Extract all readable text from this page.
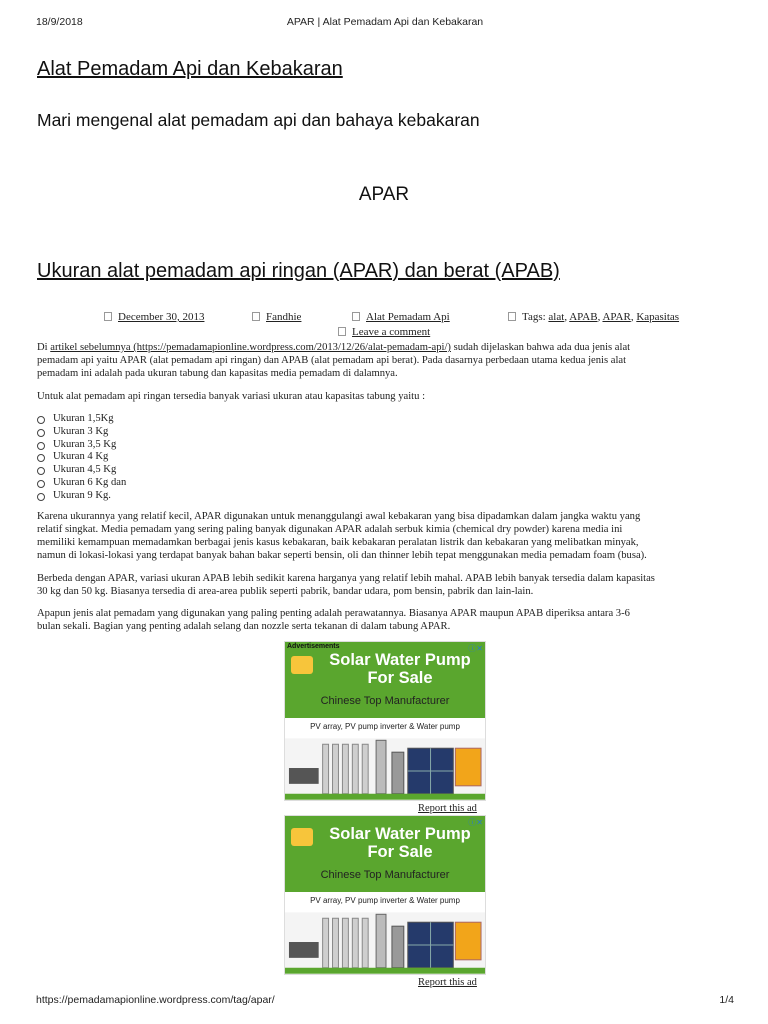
18/9/2018	APAR | Alat Pemadam Api dan Kebakaran
Alat Pemadam Api dan Kebakaran
Mari mengenal alat pemadam api dan bahaya kebakaran
APAR
Ukuran alat pemadam api ringan (APAR) dan berat (APAB)
December 30, 2013	Fandhie	Alat Pemadam Api	Tags: alat, APAB, APAR, Kapasitas
Leave a comment

Di artikel sebelumnya (https://pemadamapionline.wordpress.com/2013/12/26/alat-pemadam-api/) sudah dijelaskan bahwa ada dua jenis alat

pemadam api yaitu APAR (alat pemadam api ringan) dan APAB (alat pemadam api berat). Pada dasarnya perbedaan utama kedua jenis alat

pemadam ini adalah pada ukuran tabung dan kapasitas media pemadam di dalamnya.

Untuk alat pemadam api ringan tersedia banyak variasi ukuran atau kapasitas tabung yaitu :
Ukuran 1,5Kg
Ukuran 3 Kg
Ukuran 3,5 Kg
Ukuran 4 Kg
Ukuran 4,5 Kg
Ukuran 6 Kg dan
Ukuran 9 Kg.

Karena ukurannya yang relatif kecil, APAR digunakan untuk menanggulangi awal kebakaran yang bisa dipadamkan dalam jangka waktu yang

relatif singkat. Media pemadam yang sering paling banyak digunakan APAR adalah serbuk kimia (chemical dry powder) karena media ini

memiliki kemampuan memadamkan berbagai jenis kasus kebakaran, baik kebakaran peralatan listrik dan kebakaran yang melibatkan minyak,

namun di lokasi-lokasi yang terdapat banyak bahan bakar seperti bensin, oli dan thinner lebih tepat menggunakan media pemadam foam (busa).

Berbeda dengan APAR, variasi ukuran APAB lebih sedikit karena harganya yang relatif lebih mahal. APAB lebih banyak tersedia dalam kapasitas

30 kg dan 50 kg. Biasanya tersedia di area-area publik seperti pabrik, bandar udara, pom bensin, pabrik dan lain-lain.

Apapun jenis alat pemadam yang digunakan yang paling penting adalah perawatannya. Biasanya APAR maupun APAB diperiksa antara 3-6

bulan sekali. Bagian yang penting adalah selang dan nozzle serta tekanan di dalam tabung APAR.

Advertisements	ⓘ✕
Solar Water Pump For Sale
Chinese Top Manufacturer
PV array, PV pump inverter & Water pump
Report this ad
ⓘ✕
Solar Water Pump For Sale
Chinese Top Manufacturer
PV array, PV pump inverter & Water pump
Report this ad
https://pemadamapionline.wordpress.com/tag/apar/	1/4
